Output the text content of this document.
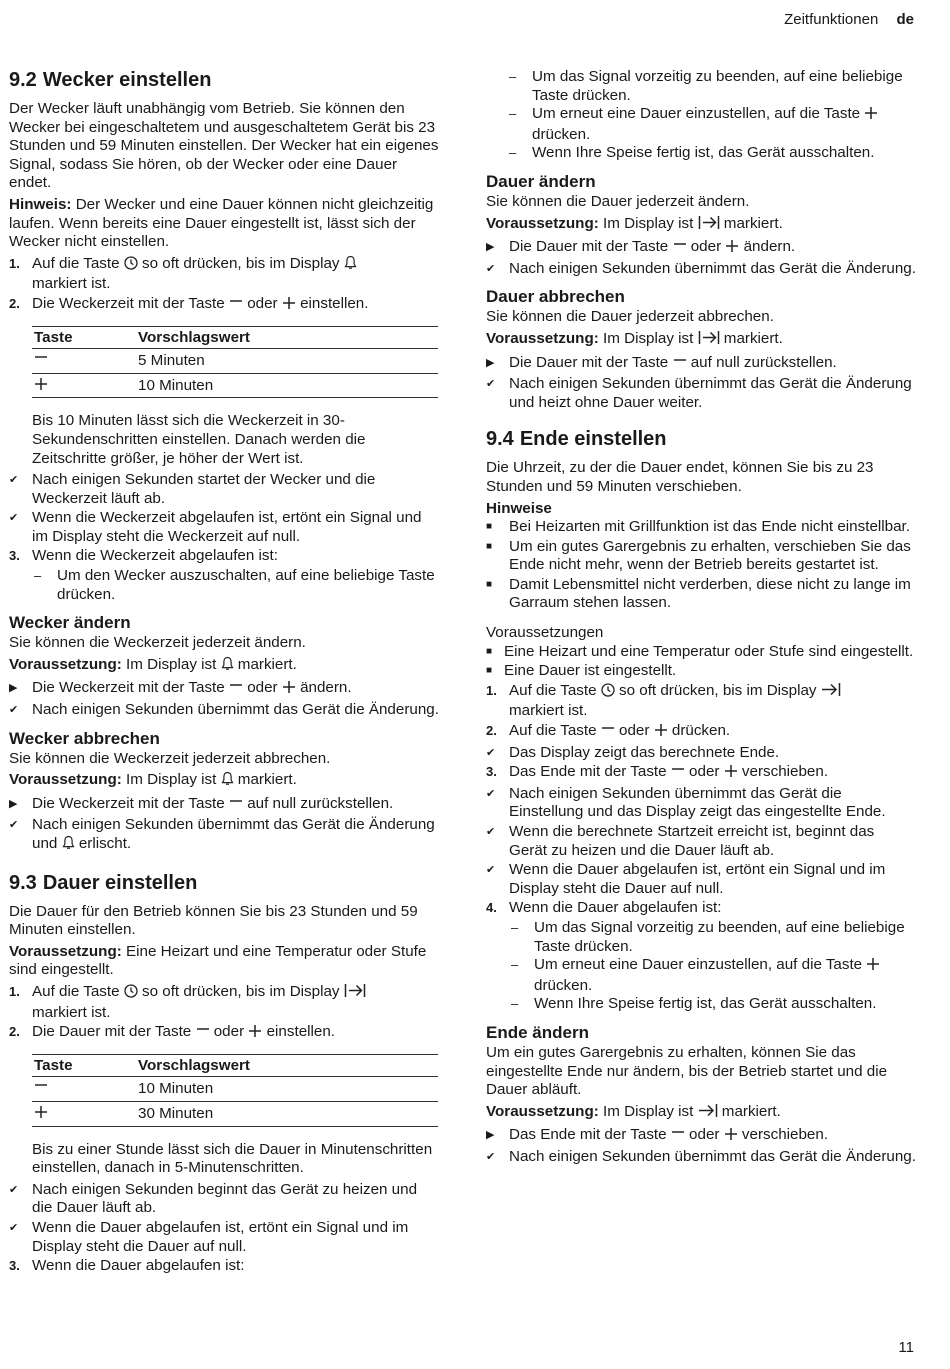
Zeitfunktionen de
9.2 Wecker einstellen

Der Wecker läuft unabhängig vom Betrieb. Sie können den Wecker bei eingeschaltetem und ausgeschaltetem Gerät bis 23 Stunden und 59 Minuten einstellen. Der Wecker hat ein eigenes Signal, sodass Sie hören, ob der Wecker oder eine Dauer endet.

Hinweis: Der Wecker und eine Dauer können nicht gleichzeitig laufen. Wenn bereits eine Dauer eingestellt ist, lässt sich der Wecker nicht einstellen.

1. Auf die Taste so oft drücken, bis im Display
markiert ist.
2. Die Weckerzeit mit der Taste oder einstellen.
Taste	Vorschlagswert
	5 Minuten
	10 Minuten

Bis 10 Minuten lässt sich die Weckerzeit in 30-Sekundenschritten einstellen. Danach werden die Zeitschritte größer, je höher der Wert ist.

✔ Nach einigen Sekunden startet der Wecker und die Weckerzeit läuft ab.
✔ Wenn die Weckerzeit abgelaufen ist, ertönt ein Signal und im Display steht die Weckerzeit auf null.
3. Wenn die Weckerzeit abgelaufen ist:
–	Um den Wecker auszuschalten, auf eine beliebige Taste drücken.
Wecker ändern

Sie können die Weckerzeit jederzeit ändern.

Voraussetzung: Im Display ist markiert.

▶ Die Weckerzeit mit der Taste oder ändern.
✔ Nach einigen Sekunden übernimmt das Gerät die Änderung.
Wecker abbrechen

Sie können die Weckerzeit jederzeit abbrechen.

Voraussetzung: Im Display ist markiert.

▶ Die Weckerzeit mit der Taste auf null zurückstellen.
✔ Nach einigen Sekunden übernimmt das Gerät die Änderung und erlischt.
9.3 Dauer einstellen

Die Dauer für den Betrieb können Sie bis 23 Stunden und 59 Minuten einstellen.

Voraussetzung: Eine Heizart und eine Temperatur oder Stufe sind eingestellt.

1. Auf die Taste so oft drücken, bis im Display
markiert ist.
2. Die Dauer mit der Taste oder einstellen.
Taste	Vorschlagswert
	10 Minuten
	30 Minuten

Bis zu einer Stunde lässt sich die Dauer in Minutenschritten einstellen, danach in 5-Minutenschritten.

✔ Nach einigen Sekunden beginnt das Gerät zu heizen und die Dauer läuft ab.
✔ Wenn die Dauer abgelaufen ist, ertönt ein Signal und im Display steht die Dauer auf null.
3. Wenn die Dauer abgelaufen ist:
–	Um das Signal vorzeitig zu beenden, auf eine beliebige Taste drücken.
–	Um erneut eine Dauer einzustellen, auf die Taste  drücken.
–	Wenn Ihre Speise fertig ist, das Gerät ausschalten.
Dauer ändern

Sie können die Dauer jederzeit ändern.

Voraussetzung: Im Display ist markiert.

▶ Die Dauer mit der Taste oder ändern.
✔ Nach einigen Sekunden übernimmt das Gerät die Änderung.
Dauer abbrechen

Sie können die Dauer jederzeit abbrechen.

Voraussetzung: Im Display ist markiert.

▶ Die Dauer mit der Taste auf null zurückstellen.
✔ Nach einigen Sekunden übernimmt das Gerät die Änderung und heizt ohne Dauer weiter.
9.4 Ende einstellen

Die Uhrzeit, zu der die Dauer endet, können Sie bis zu 23 Stunden und 59 Minuten verschieben.

Hinweise
■	Bei Heizarten mit Grillfunktion ist das Ende nicht einstellbar.
■	Um ein gutes Garergebnis zu erhalten, verschieben Sie das Ende nicht mehr, wenn der Betrieb bereits gestartet ist.
■	Damit Lebensmittel nicht verderben, diese nicht zu lange im Garraum stehen lassen.
Voraussetzungen
■ Eine Heizart und eine Temperatur oder Stufe sind eingestellt.
■ Eine Dauer ist eingestellt.
1. Auf die Taste so oft drücken, bis im Display
markiert ist.
2. Auf die Taste oder drücken.
✔ Das Display zeigt das berechnete Ende.
3. Das Ende mit der Taste oder verschieben.
✔ Nach einigen Sekunden übernimmt das Gerät die Einstellung und das Display zeigt das eingestellte Ende.
✔ Wenn die berechnete Startzeit erreicht ist, beginnt das Gerät zu heizen und die Dauer läuft ab.
✔ Wenn die Dauer abgelaufen ist, ertönt ein Signal und im Display steht die Dauer auf null.
4. Wenn die Dauer abgelaufen ist:
–	Um das Signal vorzeitig zu beenden, auf eine beliebige Taste drücken.
–	Um erneut eine Dauer einzustellen, auf die Taste  drücken.
–	Wenn Ihre Speise fertig ist, das Gerät ausschalten.
Ende ändern

Um ein gutes Garergebnis zu erhalten, können Sie das eingestellte Ende nur ändern, bis der Betrieb startet und die Dauer abläuft.

Voraussetzung: Im Display ist markiert.

▶ Das Ende mit der Taste oder verschieben.
✔ Nach einigen Sekunden übernimmt das Gerät die Änderung.
11
